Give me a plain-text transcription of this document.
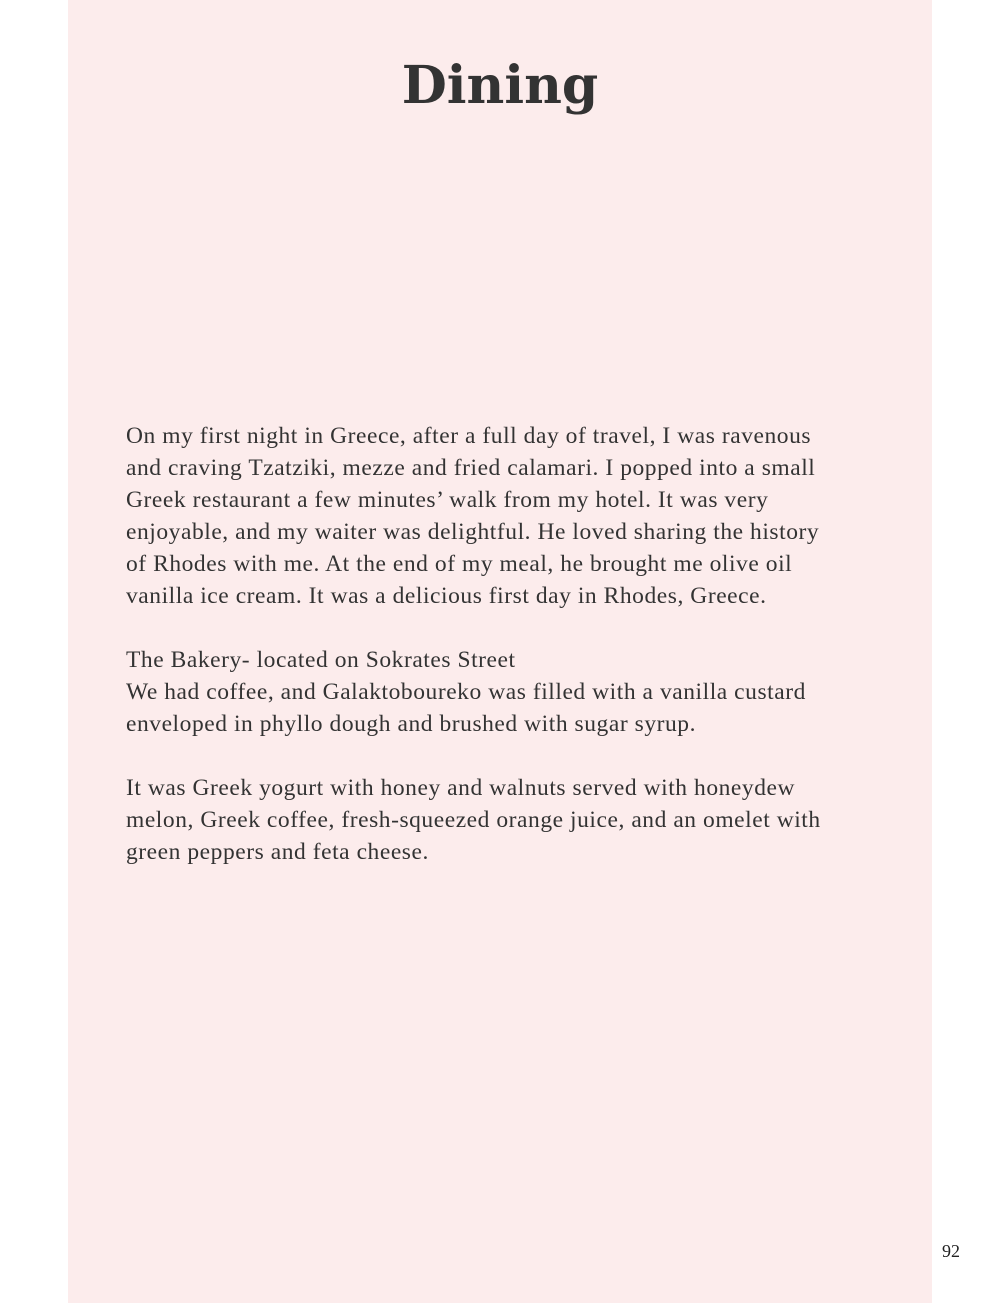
Dining

On my first night in Greece, after a full day of travel, I was ravenous
and craving Tzatziki, mezze and fried calamari. I popped into a small
Greek restaurant a few minutes’ walk from my hotel. It was very
enjoyable, and my waiter was delightful. He loved sharing the history
of Rhodes with me. At the end of my meal, he brought me olive oil
vanilla ice cream. It was a delicious first day in Rhodes, Greece.

The Bakery- located on Sokrates Street
We had coffee, and Galaktoboureko was filled with a vanilla custard
enveloped in phyllo dough and brushed with sugar syrup.

It was Greek yogurt with honey and walnuts served with honeydew
melon, Greek coffee, fresh-squeezed orange juice, and an omelet with
green peppers and feta cheese.

92
